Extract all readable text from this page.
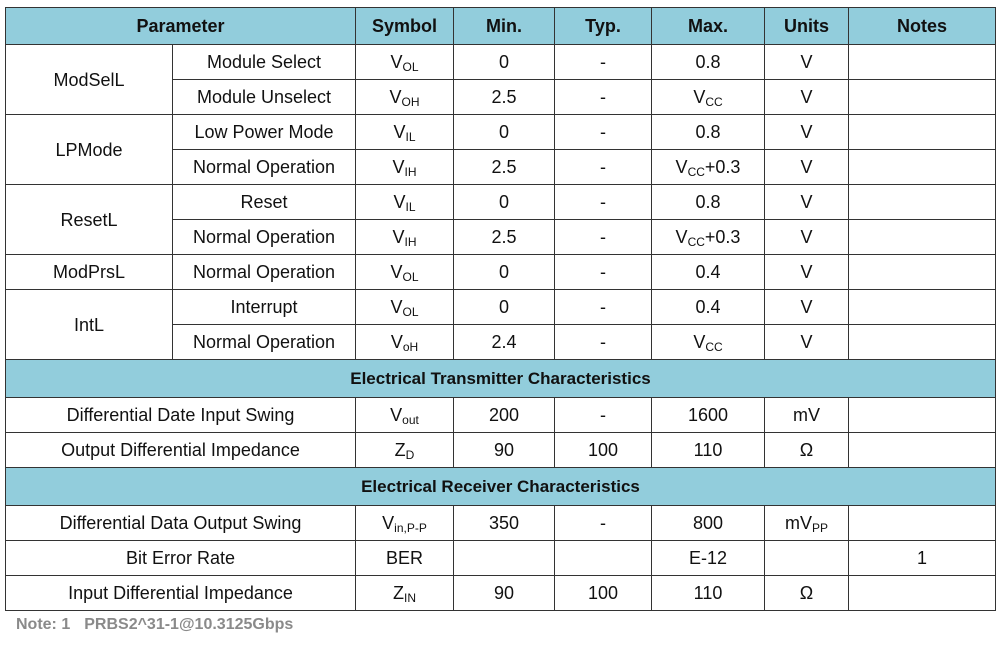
Parameter		Symbol	Min.	Typ.	Max.	Units	Notes
ModSelL	Module Select	$V_{OL}$	0	-	0.8	V	
	Module Unselect	$V_{OH}$	2.5	-	$V_{CC}$	V	
LPMode	Low Power Mode	$V_{IL}$	0	-	0.8	V	
	Normal Operation	$V_{IH}$	2.5	-	$V_{CC}+0.3$	V	
ResetL	Reset	$V_{IL}$	0	-	0.8	V	
	Normal Operation	$V_{IH}$	2.5	-	$V_{CC}+0.3$	V	
ModPrsL	Normal Operation	$V_{OL}$	0	-	0.4	V	
IntL	Interrupt	$V_{OL}$	0	-	0.4	V	
	Normal Operation	$V_{oH}$	2.4	-	$V_{CC}$	V	
Electrical Transmitter Characteristics							
Differential Date Input Swing		$V_{out}$	200	-	1600	mV	
Output Differential Impedance		$Z_D$	90	100	110	Ω	
Electrical Receiver Characteristics							
Differential Data Output Swing		$V_{in,P-P}$	350	-	800	$mV_{PP}$	
Bit Error Rate		BER			E-12		1
Input Differential Impedance		$Z_{IN}$	90	100	110	Ω	
Note: 1 PRBS2^31-1@10.3125Gbps
